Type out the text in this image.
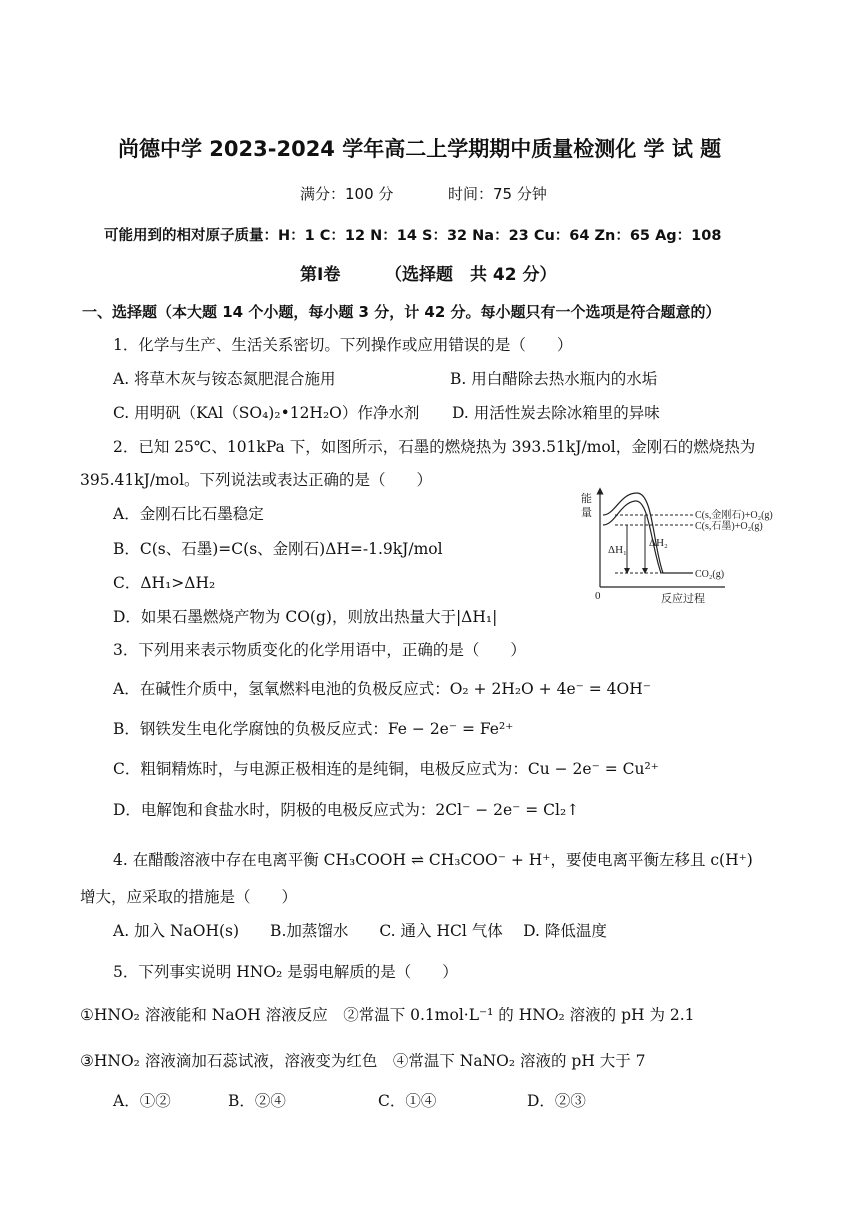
尚德中学 2023-2024 学年高二上学期期中质量检测化 学 试 题
满分：100 分	时间：75 分钟
可能用到的相对原子质量：H：1 C：12 N：14 S：32 Na：23 Cu：64 Zn：65 Ag：108
第Ⅰ卷	（选择题　共 42 分）
一、选择题（本大题 14 个小题，每小题 3 分，计 42 分。每小题只有一个选项是符合题意的）
1．化学与生产、生活关系密切。下列操作或应用错误的是（　　）
A. 将草木灰与铵态氮肥混合施用	B. 用白醋除去热水瓶内的水垢
C. 用明矾（KAl（SO₄)₂•12H₂O）作净水剂 D. 用活性炭去除冰箱里的异味
2．已知 25℃、101kPa 下，如图所示，石墨的燃烧热为 393.51kJ/mol，金刚石的燃烧热为
395.41kJ/mol。下列说法或表达正确的是（　　）
A．金刚石比石墨稳定
B．C(s、石墨)=C(s、金刚石)ΔH=-1.9kJ/mol
C．ΔH₁>ΔH₂
D．如果石墨燃烧产物为 CO(g)，则放出热量大于|ΔH₁|
能
量
0	反应过程
ΔH₁
ΔH₂
C(s,金刚石)+O₂(g)
C(s,石墨)+O₂(g)
CO₂(g)
3．下列用来表示物质变化的化学用语中，正确的是（　　）
A．在碱性介质中，氢氧燃料电池的负极反应式：O₂ + 2H₂O + 4e⁻ = 4OH⁻
B．钢铁发生电化学腐蚀的负极反应式：Fe − 2e⁻ = Fe²⁺
C．粗铜精炼时，与电源正极相连的是纯铜，电极反应式为：Cu − 2e⁻ = Cu²⁺
D．电解饱和食盐水时，阴极的电极反应式为：2Cl⁻ − 2e⁻ = Cl₂↑
4. 在醋酸溶液中存在电离平衡 CH₃COOH ⇌ CH₃COO⁻ + H⁺，要使电离平衡左移且 c(H⁺)
增大，应采取的措施是（　　）
A. 加入 NaOH(s)　　B.加蒸馏水　　C. 通入 HCl 气体　 D. 降低温度
5．下列事实说明 HNO₂ 是弱电解质的是（　　）
①HNO₂ 溶液能和 NaOH 溶液反应　②常温下 0.1mol·L⁻¹ 的 HNO₂ 溶液的 pH 为 2.1
③HNO₂ 溶液滴加石蕊试液，溶液变为红色　④常温下 NaNO₂ 溶液的 pH 大于 7
A．①②	B．②④	C．①④	D．②③
